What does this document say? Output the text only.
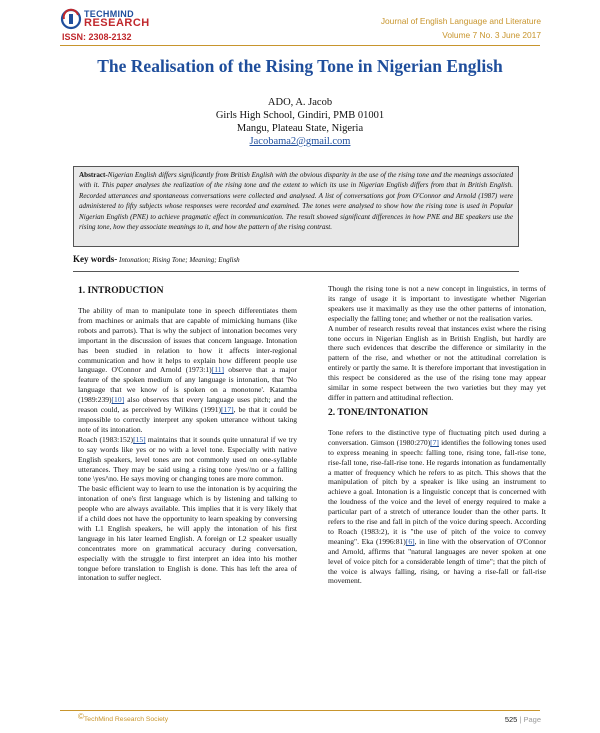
TECHMIND
RESEARCH
ISSN: 2308-2132
Journal of English Language and Literature
Volume 7 No. 3 June 2017
The Realisation of the Rising Tone in Nigerian English
ADO, A. Jacob
Girls High School, Gindiri, PMB 01001
Mangu, Plateau State, Nigeria
Jacobama2@gmail.com
Abstract-Nigerian English differs significantly from British English with the obvious disparity in the use of the rising tone and the meanings associated with it. This paper analyses the realization of the rising tone and the extent to which its use in Nigerian English differs from that in British English. Recorded utterances and spontaneous conversations were collected and analysed. A list of conversations got from O'Connor and Arnold (1987) were administered to fifty subjects whose responses were recorded and examined. The tones were analysed to show how the rising tone is used in Popular Nigerian English (PNE) to achieve pragmatic effect in communication. The result showed significant differences in how PNE and BE speakers use the rising tone, how they associate meanings to it, and how the pattern of the rising contrast.
Key words- Intonation; Rising Tone; Meaning; English

1. INTRODUCTION

The ability of man to manipulate tone in speech differentiates them from machines or animals that are capable of mimicking humans (like robots and parrots). That is why the subject of intonation becomes very important in the discussion of issues that concern language. Intonation has been studied in relation to how it affects inter-regional communication and how it helps to explain how different people use language. O'Connor and Arnold (1973:1)[11] observe that a major feature of the spoken medium of any language is intonation, that 'No language that we know of is spoken on a monotone'. Katamba (1989:239)[10] also observes that every language uses pitch; and the reason could, as perceived by Wilkins (1991)[17], be that it could be impossible to correctly interpret any spoken utterance without taking note of its intonation.

Roach (1983:152)[15] maintains that it sounds quite unnatural if we try to say words like yes or no with a level tone. Especially with native English speakers, level tones are not commonly used on one-syllable utterances. They may be said using a rising tone /yes//no or a falling tone \yes/\no. He says moving or changing tones are more common.

The basic efficient way to learn to use the intonation is by acquiring the intonation of one's first language which is by listening and talking to people who are always available. This implies that it is very likely that if a child does not have the opportunity to learn speaking by conversing with L1 English speakers, he will apply the intonation of his first language in his later learned English. A foreign or L2 speaker usually concentrates more on grammatical accuracy during conversation, especially with the struggle to first interpret an idea into his mother tongue before translation to English is done. This has left the area of intonation to suffer neglect.

Though the rising tone is not a new concept in linguistics, in terms of its range of usage it is important to investigate whether Nigerian speakers use it maximally as they use the other patterns of intonation, especially the falling tone; and whether or not the realisation varies.

A number of research results reveal that instances exist where the rising tone occurs in Nigerian English as in British English, but hardly are there such evidences that describe the difference or similarity in the pattern of the rise, and whether or not the attitudinal correlation is entirely or partly the same. It is therefore important that investigation in this respect be considered as the use of the rising tone may appear similar in some respect between the two varieties but they may yet differ in pattern and attitudinal reflection.

2. TONE/INTONATION

Tone refers to the distinctive type of fluctuating pitch used during a conversation. Gimson (1980:270)[7] identifies the following tones used to express meaning in speech: falling tone, rising tone, fall-rise tone, rise-fall tone, rise-fall-rise tone. He regards intonation as fundamentally a matter of frequency which he refers to as pitch. This shows that the manipulation of pitch by a speaker is like using an instrument to achieve a goal. Intonation is a linguistic concept that is concerned with the loudness of the voice and the level of energy required to make a particular part of a stretch of utterance louder than the other parts. It refers to the rise and fall in pitch of the voice during speech. According to Roach (1983:2), it is "the use of pitch of the voice to convey meaning". Eka (1996:81)[6], in line with the observation of O'Connor and Arnold, affirms that "natural languages are never spoken at one level of voice pitch for a considerable length of time"; that the pitch of the voice is always falling, rising, or having a rise-fall or fall-rise movement.

©TechMind Research Society	525 | Page
